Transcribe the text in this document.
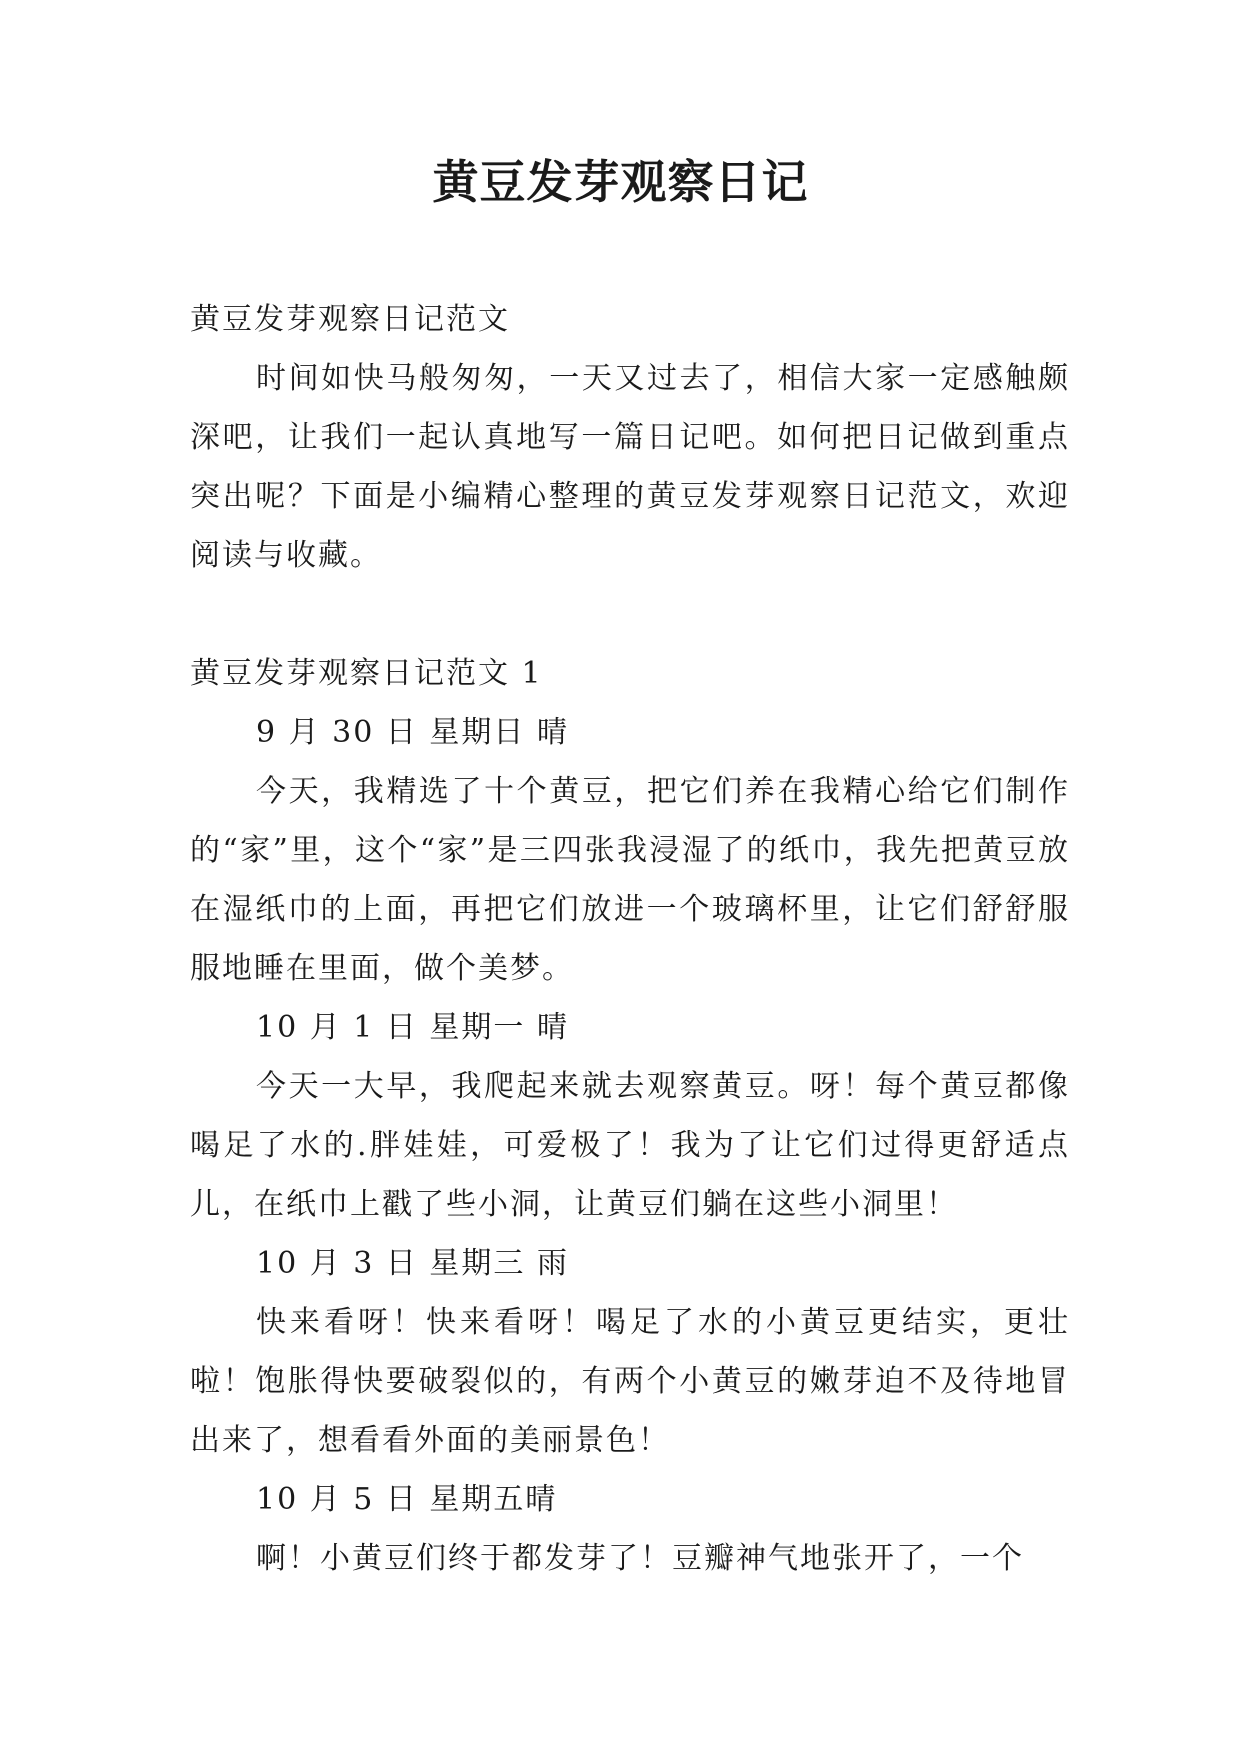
黄豆发芽观察日记

黄豆发芽观察日记范文

时间如快马般匆匆，一天又过去了，相信大家一定感触颇深吧，让我们一起认真地写一篇日记吧。如何把日记做到重点突出呢？下面是小编精心整理的黄豆发芽观察日记范文，欢迎阅读与收藏。

黄豆发芽观察日记范文 1

9 月 30 日 星期日 晴

今天，我精选了十个黄豆，把它们养在我精心给它们制作的“家”里，这个“家”是三四张我浸湿了的纸巾，我先把黄豆放在湿纸巾的上面，再把它们放进一个玻璃杯里，让它们舒舒服服地睡在里面，做个美梦。

10 月 1 日 星期一 晴

今天一大早，我爬起来就去观察黄豆。呀！每个黄豆都像喝足了水的.胖娃娃，可爱极了！我为了让它们过得更舒适点儿，在纸巾上戳了些小洞，让黄豆们躺在这些小洞里！

10 月 3 日 星期三 雨

快来看呀！快来看呀！喝足了水的小黄豆更结实，更壮啦！饱胀得快要破裂似的，有两个小黄豆的嫩芽迫不及待地冒出来了，想看看外面的美丽景色！

10 月 5 日 星期五晴

啊！小黄豆们终于都发芽了！豆瓣神气地张开了，一个
